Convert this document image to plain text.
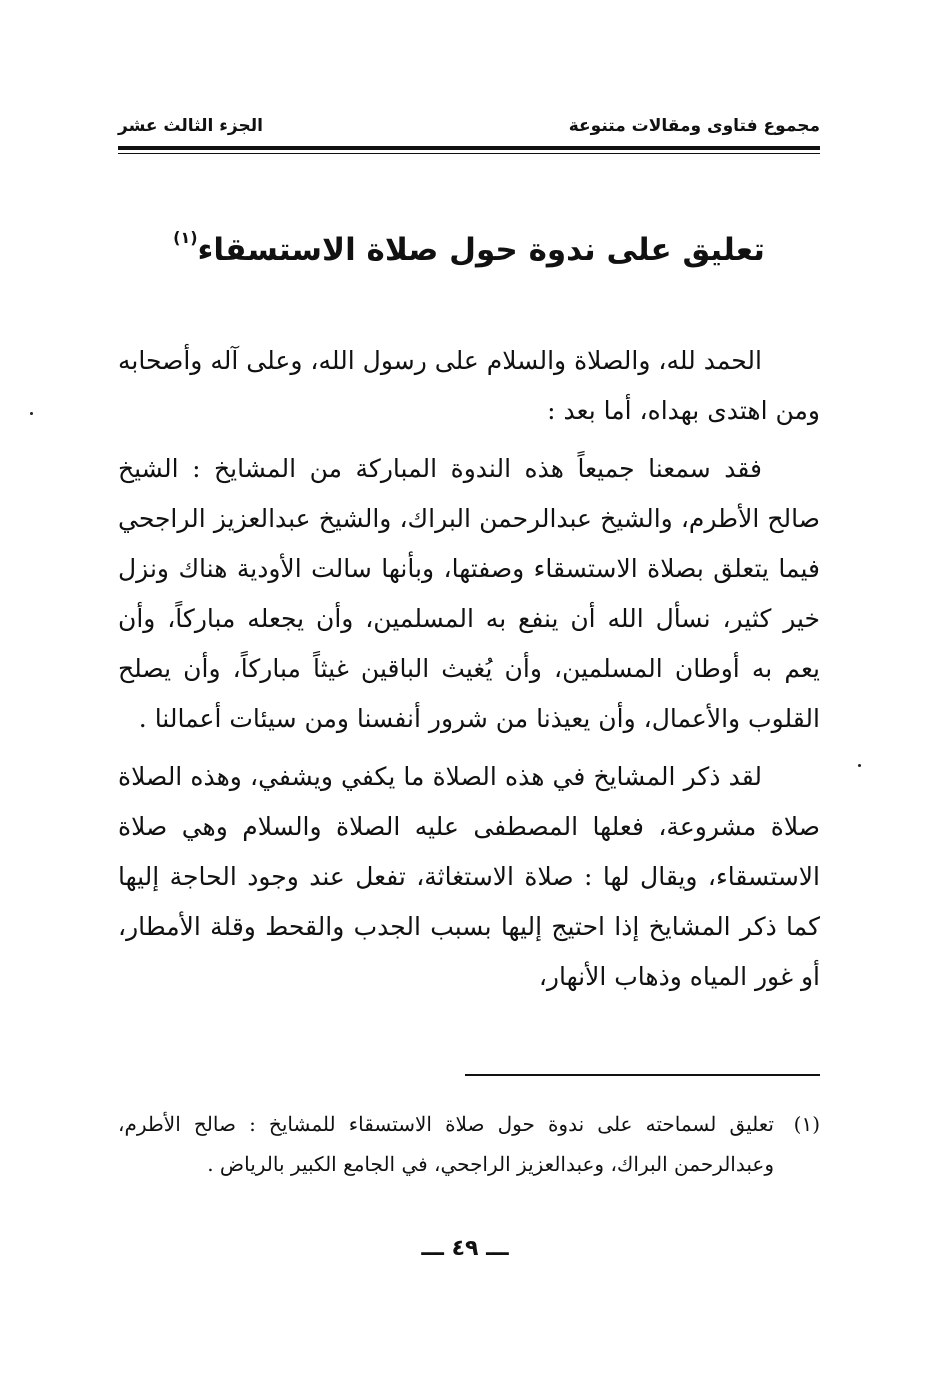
مجموع فتاوى ومقالات متنوعة
الجزء الثالث عشر
تعليق على ندوة حول صلاة الاستسقاء$^{(١)}$

الحمد لله، والصلاة والسلام على رسول الله، وعلى آله وأصحابه ومن اهتدى بهداه، أما بعد :

فقد سمعنا جميعاً هذه الندوة المباركة من المشايخ : الشيخ صالح الأطرم، والشيخ عبدالرحمن البراك، والشيخ عبدالعزيز الراجحي فيما يتعلق بصلاة الاستسقاء وصفتها، وبأنها سالت الأودية هناك ونزل خير كثير، نسأل الله أن ينفع به المسلمين، وأن يجعله مباركاً، وأن يعم به أوطان المسلمين، وأن يُغيث الباقين غيثاً مباركاً، وأن يصلح القلوب والأعمال، وأن يعيذنا من شرور أنفسنا ومن سيئات أعمالنا .

لقد ذكر المشايخ في هذه الصلاة ما يكفي ويشفي، وهذه الصلاة صلاة مشروعة، فعلها المصطفى عليه الصلاة والسلام وهي صلاة الاستسقاء، ويقال لها : صلاة الاستغاثة، تفعل عند وجود الحاجة إليها كما ذكر المشايخ إذا احتيج إليها بسبب الجدب والقحط وقلة الأمطار، أو غور المياه وذهاب الأنهار،

(١)
تعليق لسماحته على ندوة حول صلاة الاستسقاء للمشايخ : صالح الأطرم، وعبدالرحمن البراك، وعبدالعزيز الراجحي، في الجامع الكبير بالرياض .
ـــ ٤٩ ـــ
